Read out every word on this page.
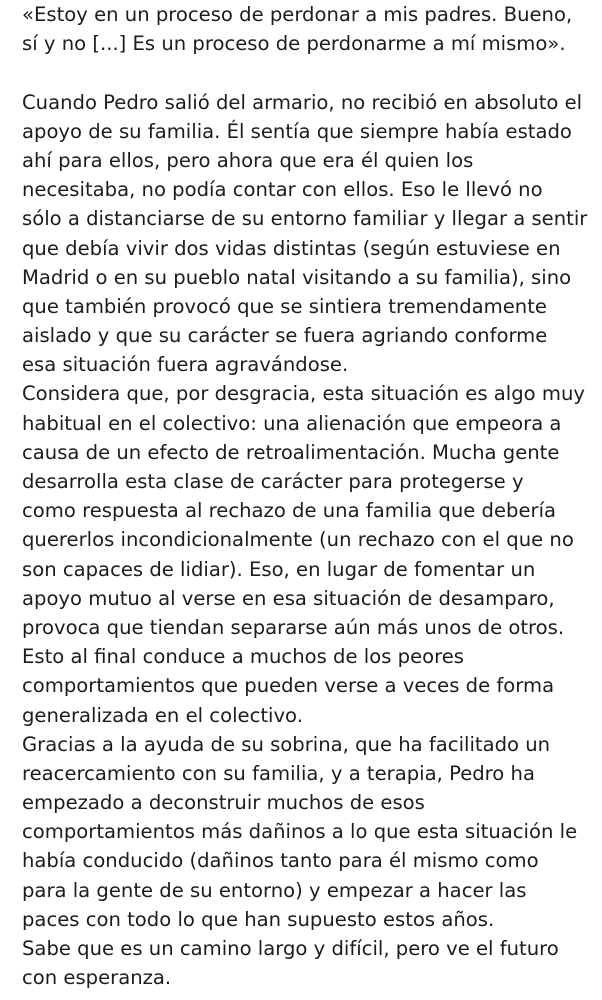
«Estoy en un proceso de perdonar a mis padres. Bueno,
sí y no [...] Es un proceso de perdonarme a mí mismo».
Cuando Pedro salió del armario, no recibió en absoluto el
apoyo de su familia. Él sentía que siempre había estado
ahí para ellos, pero ahora que era él quien los
necesitaba, no podía contar con ellos. Eso le llevó no
sólo a distanciarse de su entorno familiar y llegar a sentir
que debía vivir dos vidas distintas (según estuviese en
Madrid o en su pueblo natal visitando a su familia), sino
que también provocó que se sintiera tremendamente
aislado y que su carácter se fuera agriando conforme
esa situación fuera agravándose.
Considera que, por desgracia, esta situación es algo muy
habitual en el colectivo: una alienación que empeora a
causa de un efecto de retroalimentación. Mucha gente
desarrolla esta clase de carácter para protegerse y
como respuesta al rechazo de una familia que debería
quererlos incondicionalmente (un rechazo con el que no
son capaces de lidiar). Eso, en lugar de fomentar un
apoyo mutuo al verse en esa situación de desamparo,
provoca que tiendan separarse aún más unos de otros.
Esto al final conduce a muchos de los peores
comportamientos que pueden verse a veces de forma
generalizada en el colectivo.
Gracias a la ayuda de su sobrina, que ha facilitado un
reacercamiento con su familia, y a terapia, Pedro ha
empezado a deconstruir muchos de esos
comportamientos más dañinos a lo que esta situación le
había conducido (dañinos tanto para él mismo como
para la gente de su entorno) y empezar a hacer las
paces con todo lo que han supuesto estos años.
Sabe que es un camino largo y difícil, pero ve el futuro
con esperanza.
